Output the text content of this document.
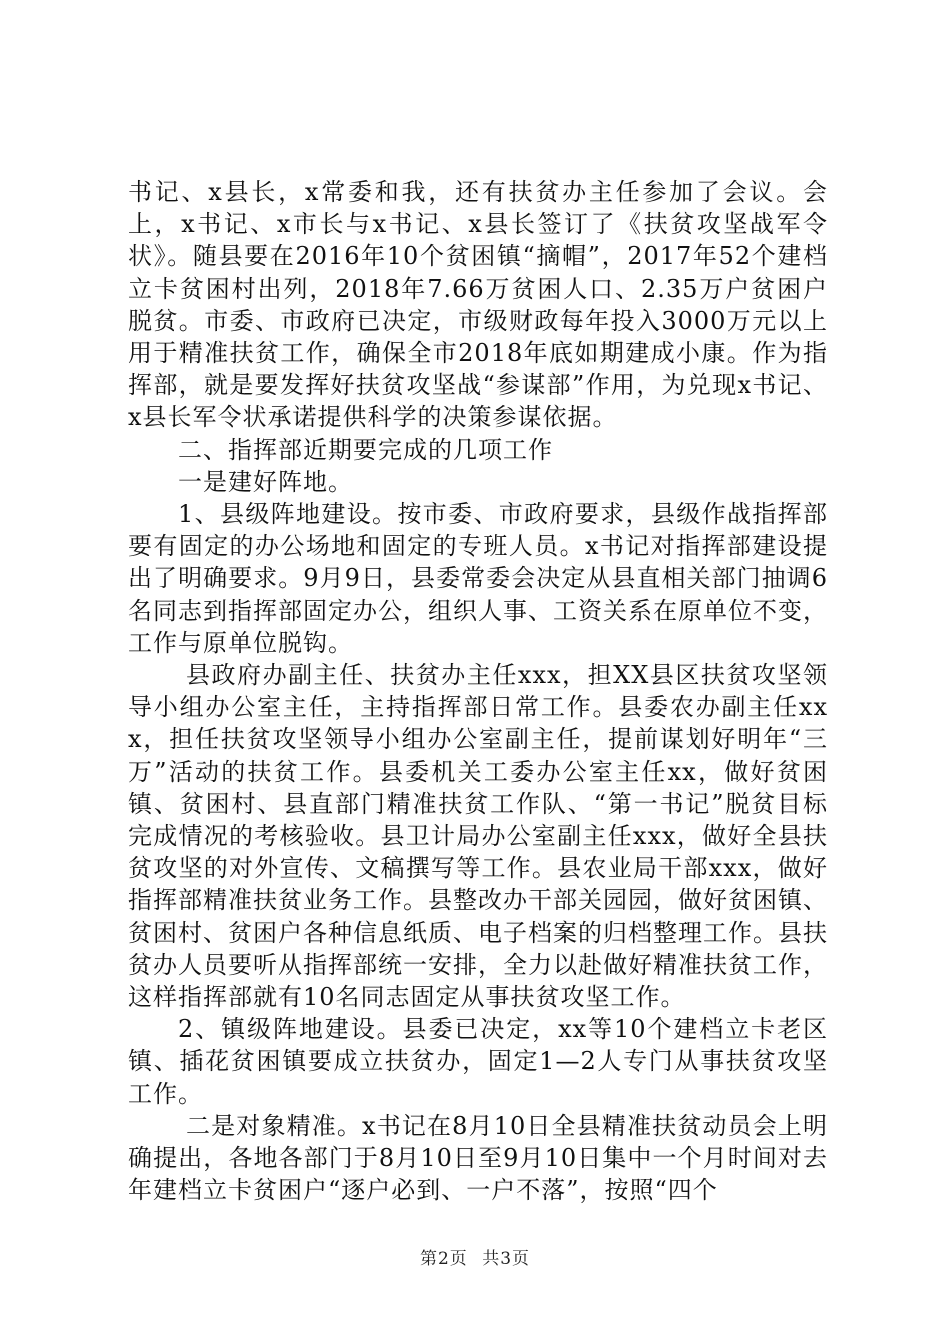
书记、x县长，x常委和我，还有扶贫办主任参加了会议。会上，x书记、x市长与x书记、x县长签订了《扶贫攻坚战军令状》。随县要在2016年10个贫困镇“摘帽”，2017年52个建档立卡贫困村出列，2018年7.66万贫困人口、2.35万户贫困户脱贫。市委、市政府已决定，市级财政每年投入3000万元以上用于精准扶贫工作，确保全市2018年底如期建成小康。作为指挥部，就是要发挥好扶贫攻坚战“参谋部”作用，为兑现x书记、x县长军令状承诺提供科学的决策参谋依据。

二、指挥部近期要完成的几项工作

一是建好阵地。

1、县级阵地建设。按市委、市政府要求，县级作战指挥部要有固定的办公场地和固定的专班人员。x书记对指挥部建设提出了明确要求。9月9日，县委常委会决定从县直相关部门抽调6名同志到指挥部固定办公，组织人事、工资关系在原单位不变，工作与原单位脱钩。

县政府办副主任、扶贫办主任xxx，担XX县区扶贫攻坚领导小组办公室主任，主持指挥部日常工作。县委农办副主任xxx，担任扶贫攻坚领导小组办公室副主任，提前谋划好明年“三万”活动的扶贫工作。县委机关工委办公室主任xx，做好贫困镇、贫困村、县直部门精准扶贫工作队、“第一书记”脱贫目标完成情况的考核验收。县卫计局办公室副主任xxx，做好全县扶贫攻坚的对外宣传、文稿撰写等工作。县农业局干部xxx，做好指挥部精准扶贫业务工作。县整改办干部关园园，做好贫困镇、贫困村、贫困户各种信息纸质、电子档案的归档整理工作。县扶贫办人员要听从指挥部统一安排，全力以赴做好精准扶贫工作，这样指挥部就有10名同志固定从事扶贫攻坚工作。

2、镇级阵地建设。县委已决定，xx等10个建档立卡老区镇、插花贫困镇要成立扶贫办，固定1—2人专门从事扶贫攻坚工作。

二是对象精准。x书记在8月10日全县精准扶贫动员会上明确提出，各地各部门于8月10日至9月10日集中一个月时间对去年建档立卡贫困户“逐户必到、一户不落”，按照“四个

第2页 共3页
